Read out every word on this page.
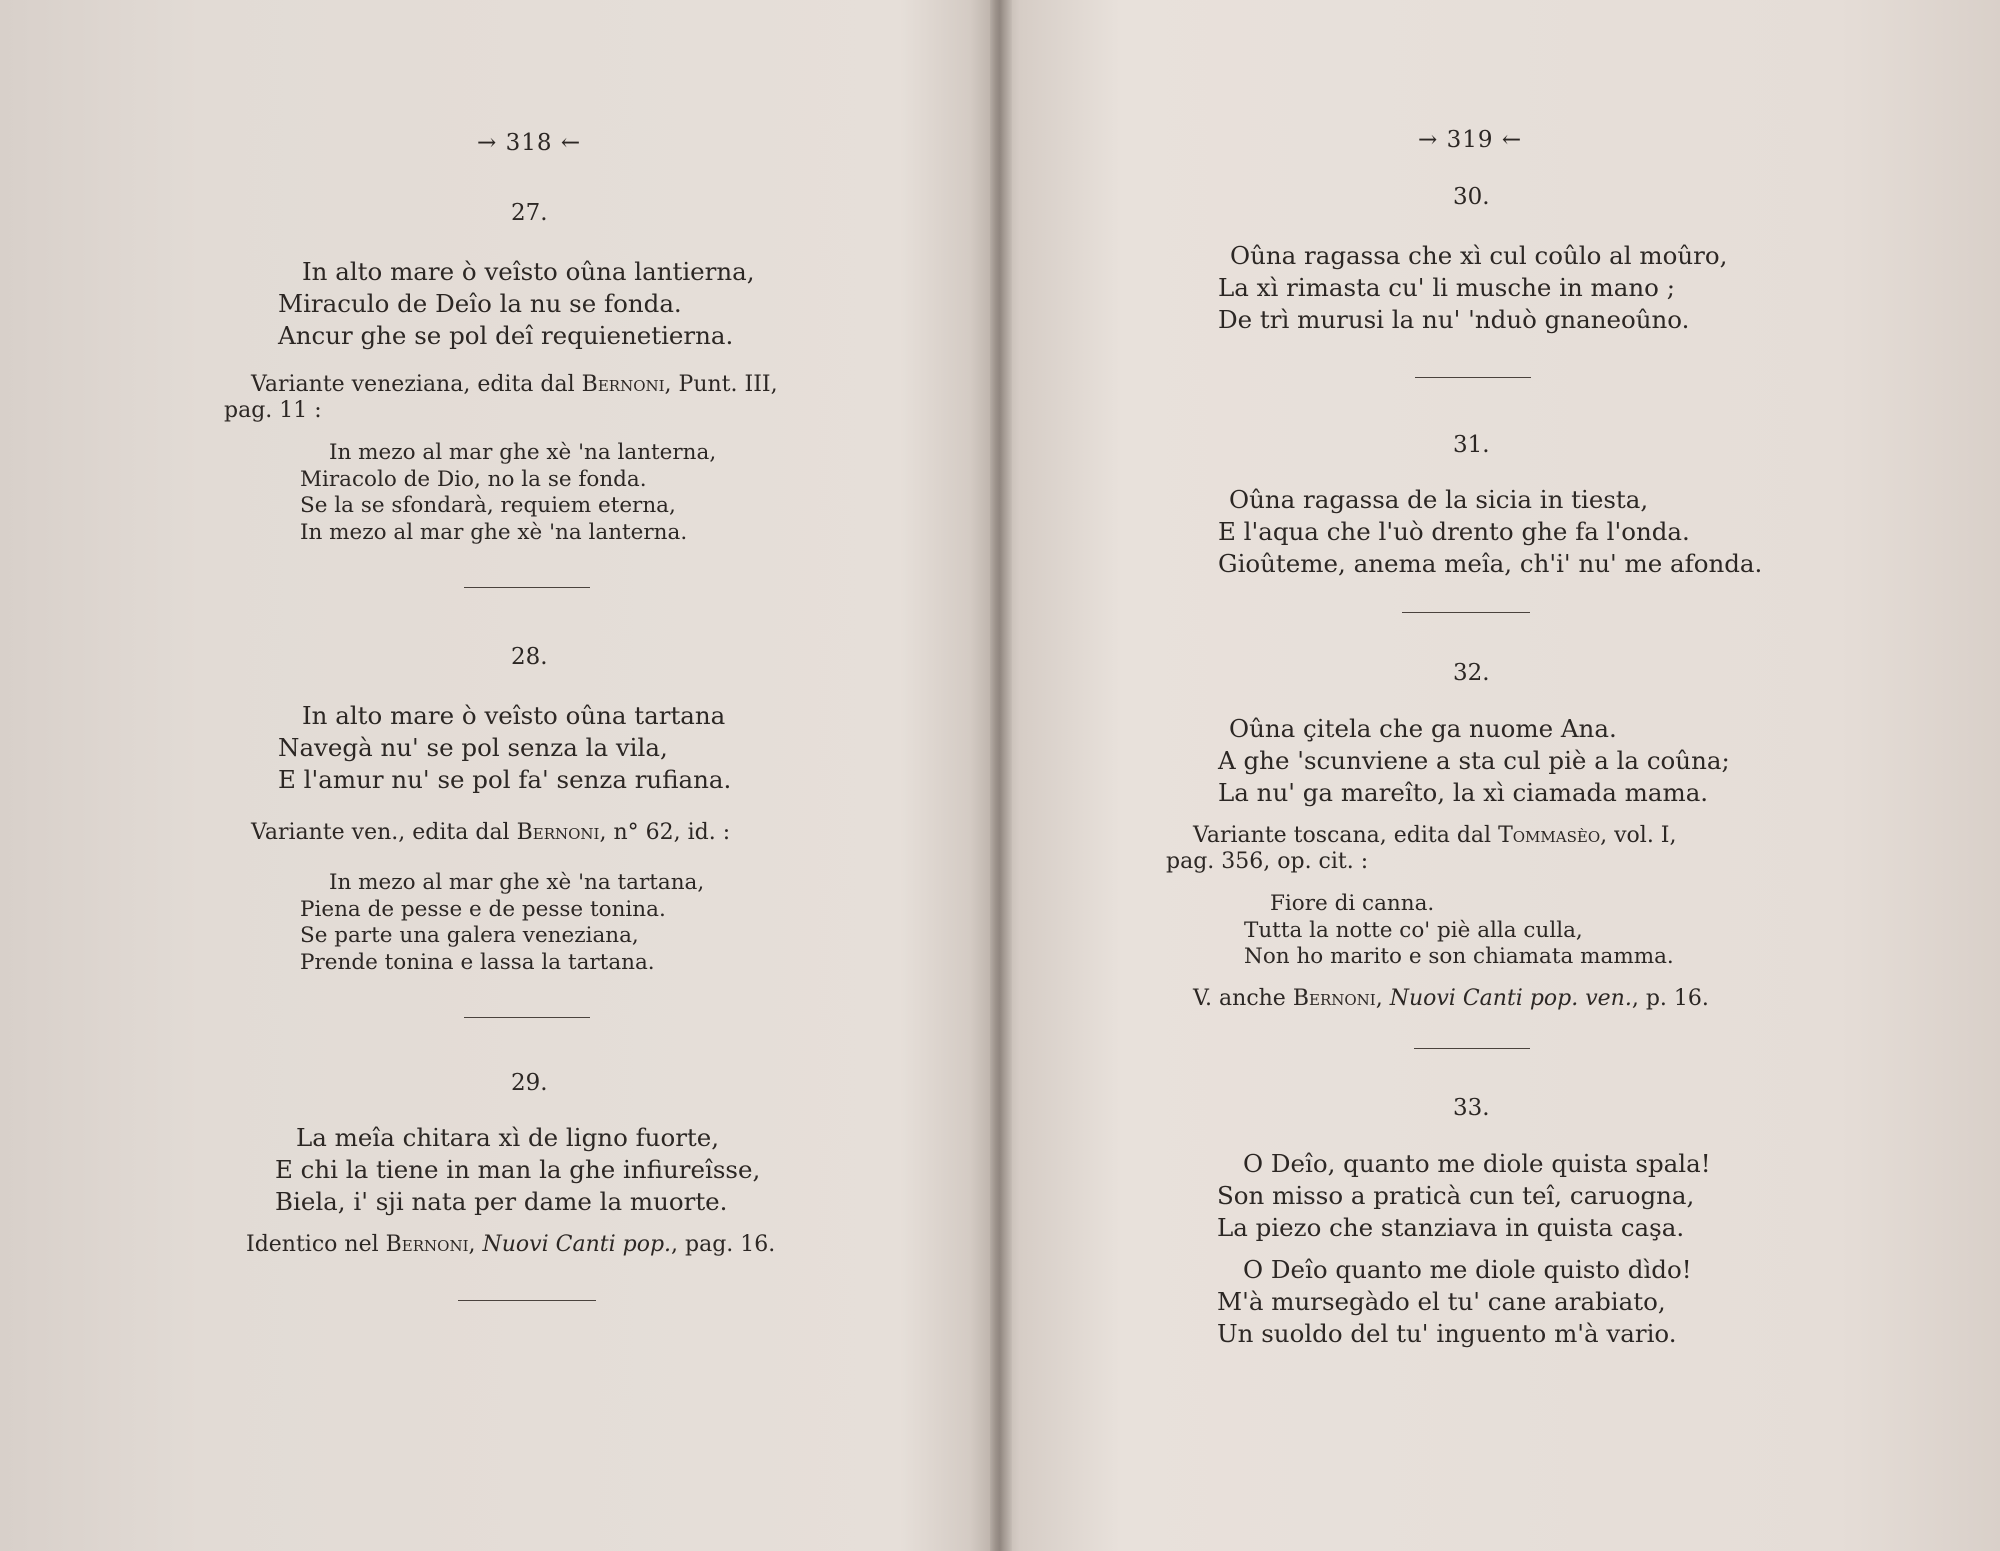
→ 318 ←
27.
In alto mare ò veîsto oûna lantierna,
Miraculo de Deîo la nu se fonda.
Ancur ghe se pol deî requienetierna.
Variante veneziana, edita dal Bernoni, Punt. III,
pag. 11 :
In mezo al mar ghe xè 'na lanterna,
Miracolo de Dio, no la se fonda.
Se la se sfondarà, requiem eterna,
In mezo al mar ghe xè 'na lanterna.
28.
In alto mare ò veîsto oûna tartana
Navegà nu' se pol senza la vila,
E l'amur nu' se pol fa' senza rufiana.
Variante ven., edita dal Bernoni, n° 62, id. :
In mezo al mar ghe xè 'na tartana,
Piena de pesse e de pesse tonina.
Se parte una galera veneziana,
Prende tonina e lassa la tartana.
29.
La meîa chitara xì de ligno fuorte,
E chi la tiene in man la ghe infiureîsse,
Biela, i' sji nata per dame la muorte.
Identico nel Bernoni, Nuovi Canti pop., pag. 16.
→ 319 ←
30.
Oûna ragassa che xì cul coûlo al moûro,
La xì rimasta cu' li musche in mano ;
De trì murusi la nu' 'nduò gnaneoûno.
31.
Oûna ragassa de la sicia in tiesta,
E l'aqua che l'uò drento ghe fa l'onda.
Gioûteme, anema meîa, ch'i' nu' me afonda.
32.
Oûna çitela che ga nuome Ana.
A ghe 'scunviene a sta cul piè a la coûna;
La nu' ga mareîto, la xì ciamada mama.
Variante toscana, edita dal Tommasèo, vol. I,
pag. 356, op. cit. :
Fiore di canna.
Tutta la notte co' piè alla culla,
Non ho marito e son chiamata mamma.
V. anche Bernoni, Nuovi Canti pop. ven., p. 16.
33.
O Deîo, quanto me diole quista spala!
Son misso a praticà cun teî, caruogna,
La piezo che stanziava in quista caşa.
O Deîo quanto me diole quisto dìdo!
M'à mursegàdo el tu' cane arabiato,
Un suoldo del tu' inguento m'à vario.
